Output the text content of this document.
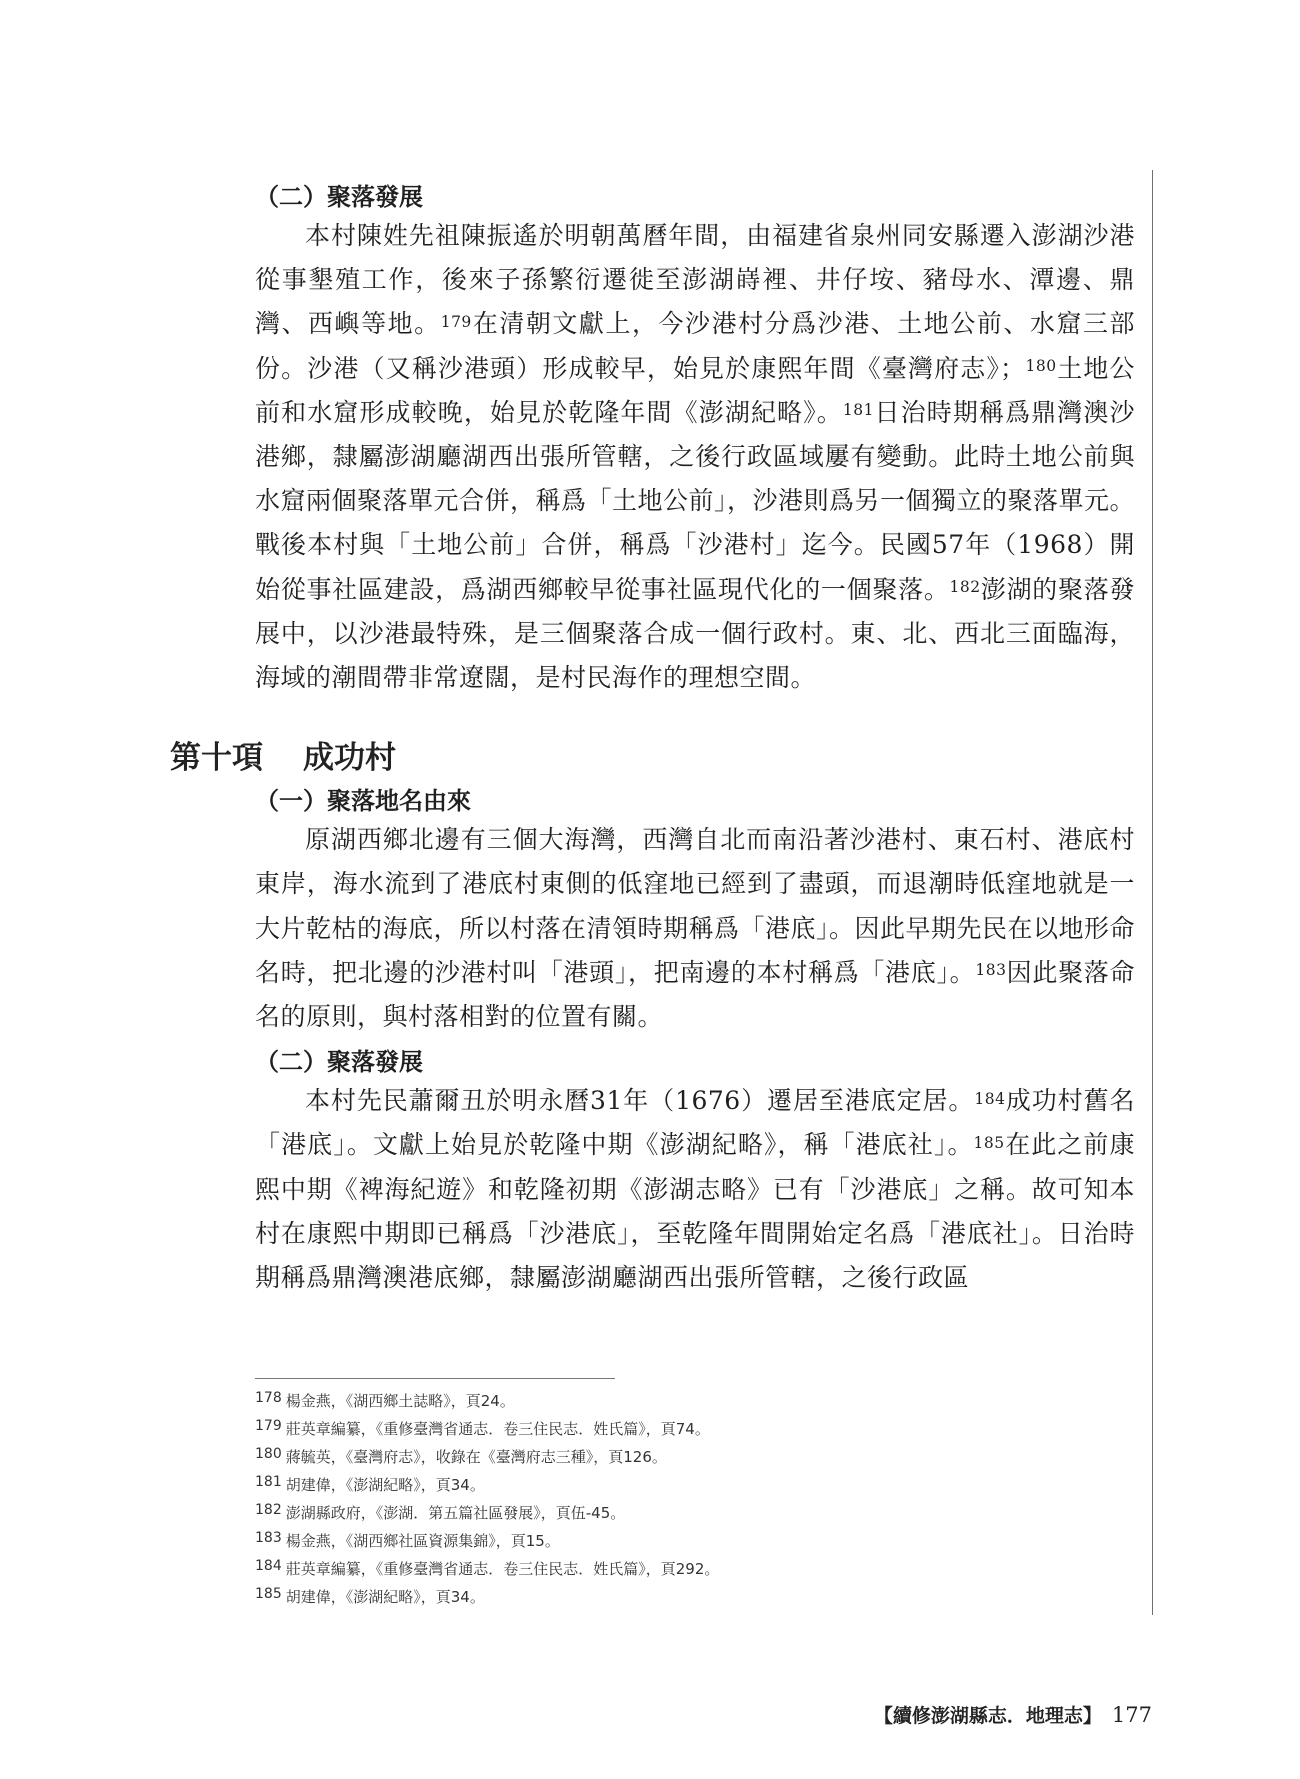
（二）聚落發展

本村陳姓先祖陳振遙於明朝萬曆年間，由福建省泉州同安縣遷入澎湖沙港從事墾殖工作，後來子孫繁衍遷徙至澎湖嵵裡、井仔垵、豬母水、潭邊、鼎灣、西嶼等地。$^{179}$在清朝文獻上，今沙港村分爲沙港、土地公前、水窟三部份。沙港（又稱沙港頭）形成較早，始見於康熙年間《臺灣府志》；$^{180}$土地公前和水窟形成較晚，始見於乾隆年間《澎湖紀略》。$^{181}$日治時期稱爲鼎灣澳沙港鄉，隸屬澎湖廳湖西出張所管轄，之後行政區域屢有變動。此時土地公前與水窟兩個聚落單元合併，稱爲「土地公前」，沙港則爲另一個獨立的聚落單元。戰後本村與「土地公前」合併，稱爲「沙港村」迄今。民國57年（1968）開始從事社區建設，爲湖西鄉較早從事社區現代化的一個聚落。$^{182}$澎湖的聚落發展中，以沙港最特殊，是三個聚落合成一個行政村。東、北、西北三面臨海，海域的潮間帶非常遼闊，是村民海作的理想空間。

第十項 成功村
（一）聚落地名由來

原湖西鄉北邊有三個大海灣，西灣自北而南沿著沙港村、東石村、港底村東岸，海水流到了港底村東側的低窪地已經到了盡頭，而退潮時低窪地就是一大片乾枯的海底，所以村落在清領時期稱爲「港底」。因此早期先民在以地形命名時，把北邊的沙港村叫「港頭」，把南邊的本村稱爲「港底」。$^{183}$因此聚落命名的原則，與村落相對的位置有關。

（二）聚落發展

本村先民蕭爾丑於明永曆31年（1676）遷居至港底定居。$^{184}$成功村舊名「港底」。文獻上始見於乾隆中期《澎湖紀略》，稱「港底社」。$^{185}$在此之前康熙中期《裨海紀遊》和乾隆初期《澎湖志略》已有「沙港底」之稱。故可知本村在康熙中期即已稱爲「沙港底」，至乾隆年間開始定名爲「港底社」。日治時期稱爲鼎灣澳港底鄉，隸屬澎湖廳湖西出張所管轄，之後行政區

178 楊金燕，《湖西鄉土誌略》，頁24。
179 莊英章編纂，《重修臺灣省通志．卷三住民志．姓氏篇》，頁74。
180 蔣毓英，《臺灣府志》，收錄在《臺灣府志三種》，頁126。
181 胡建偉，《澎湖紀略》，頁34。
182 澎湖縣政府，《澎湖．第五篇社區發展》，頁伍-45。
183 楊金燕，《湖西鄉社區資源集錦》，頁15。
184 莊英章編纂，《重修臺灣省通志．卷三住民志．姓氏篇》，頁292。
185 胡建偉，《澎湖紀略》，頁34。
【續修澎湖縣志．地理志】 177
